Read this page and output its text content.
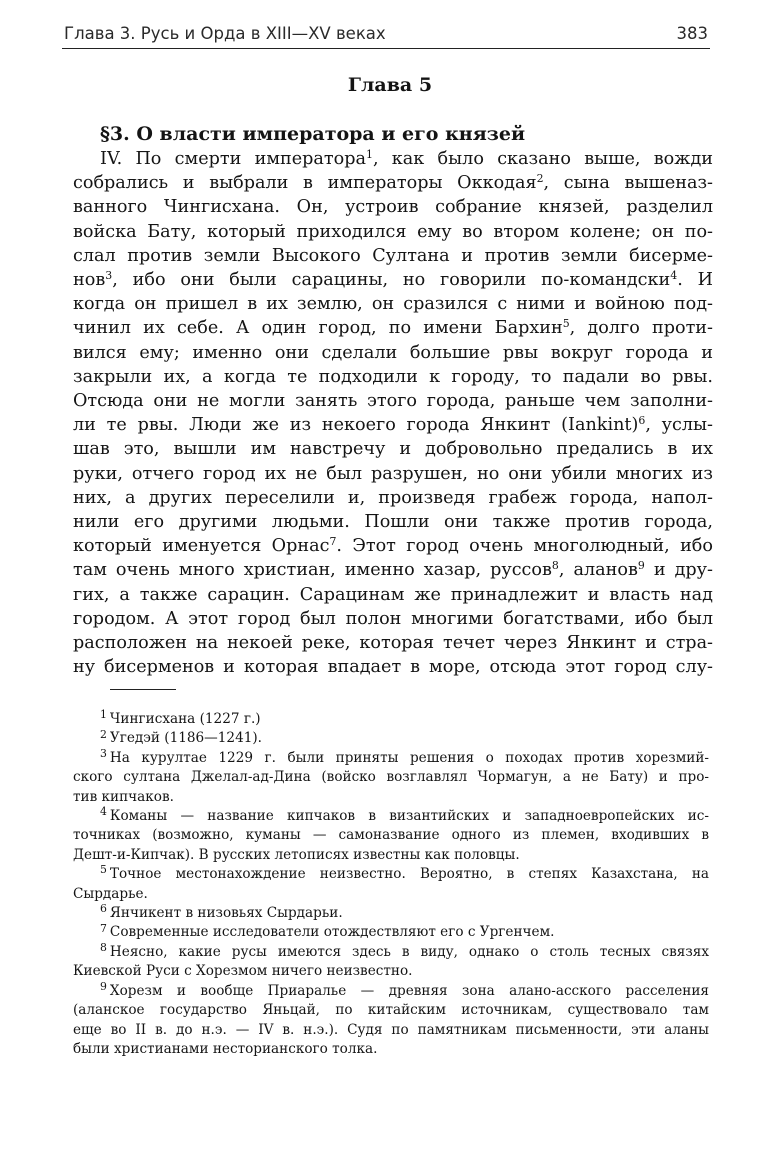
Глава 3. Русь и Орда в XIII—XV веках	383
Глава 5
§3. О власти императора и его князей
IV. По смерти императора$^1$, как было сказано выше, вожди
собрались и выбрали в императоры Оккодая$^2$, сына вышеназ-
ванного Чингисхана. Он, устроив собрание князей, разделил
войска Бату, который приходился ему во втором колене; он по-
слал против земли Высокого Султана и против земли бисерме-
нов$^3$, ибо они были сарацины, но говорили по-командски$^4$. И
когда он пришел в их землю, он сразился с ними и войною под-
чинил их себе. А один город, по имени Бархин$^5$, долго проти-
вился ему; именно они сделали большие рвы вокруг города и
закрыли их, а когда те подходили к городу, то падали во рвы.
Отсюда они не могли занять этого города, раньше чем заполни-
ли те рвы. Люди же из некоего города Янкинт (Iankint)$^6$, услы-
шав это, вышли им навстречу и добровольно предались в их
руки, отчего город их не был разрушен, но они убили многих из
них, а других переселили и, произведя грабеж города, напол-
нили его другими людьми. Пошли они также против города,
который именуется Орнас$^7$. Этот город очень многолюдный, ибо
там очень много христиан, именно хазар, руссов$^8$, аланов$^9$ и дру-
гих, а также сарацин. Сарацинам же принадлежит и власть над
городом. А этот город был полон многими богатствами, ибо был
расположен на некоей реке, которая течет через Янкинт и стра-
ну бисерменов и которая впадает в море, отсюда этот город слу-
$^1$ Чингисхана (1227 г.)
$^2$ Угедэй (1186—1241).
$^3$ На курултае 1229 г. были приняты решения о походах против хорезмий-
ского султана Джелал-ад-Дина (войско возглавлял Чормагун, а не Бату) и про-
тив кипчаков.
$^4$ Команы — название кипчаков в византийских и западноевропейских ис-
точниках (возможно, куманы — самоназвание одного из племен, входивших в
Дешт-и-Кипчак). В русских летописях известны как половцы.
$^5$ Точное местонахождение неизвестно. Вероятно, в степях Казахстана, на
Сырдарье.
$^6$ Янчикент в низовьях Сырдарьи.
$^7$ Современные исследователи отождествляют его с Ургенчем.
$^8$ Неясно, какие русы имеются здесь в виду, однако о столь тесных связях
Киевской Руси с Хорезмом ничего неизвестно.
$^9$ Хорезм и вообще Приаралье — древняя зона алано-асского расселения
(аланское государство Яньцай, по китайским источникам, существовало там
еще во II в. до н.э. — IV в. н.э.). Судя по памятникам письменности, эти аланы
были христианами несторианского толка.
